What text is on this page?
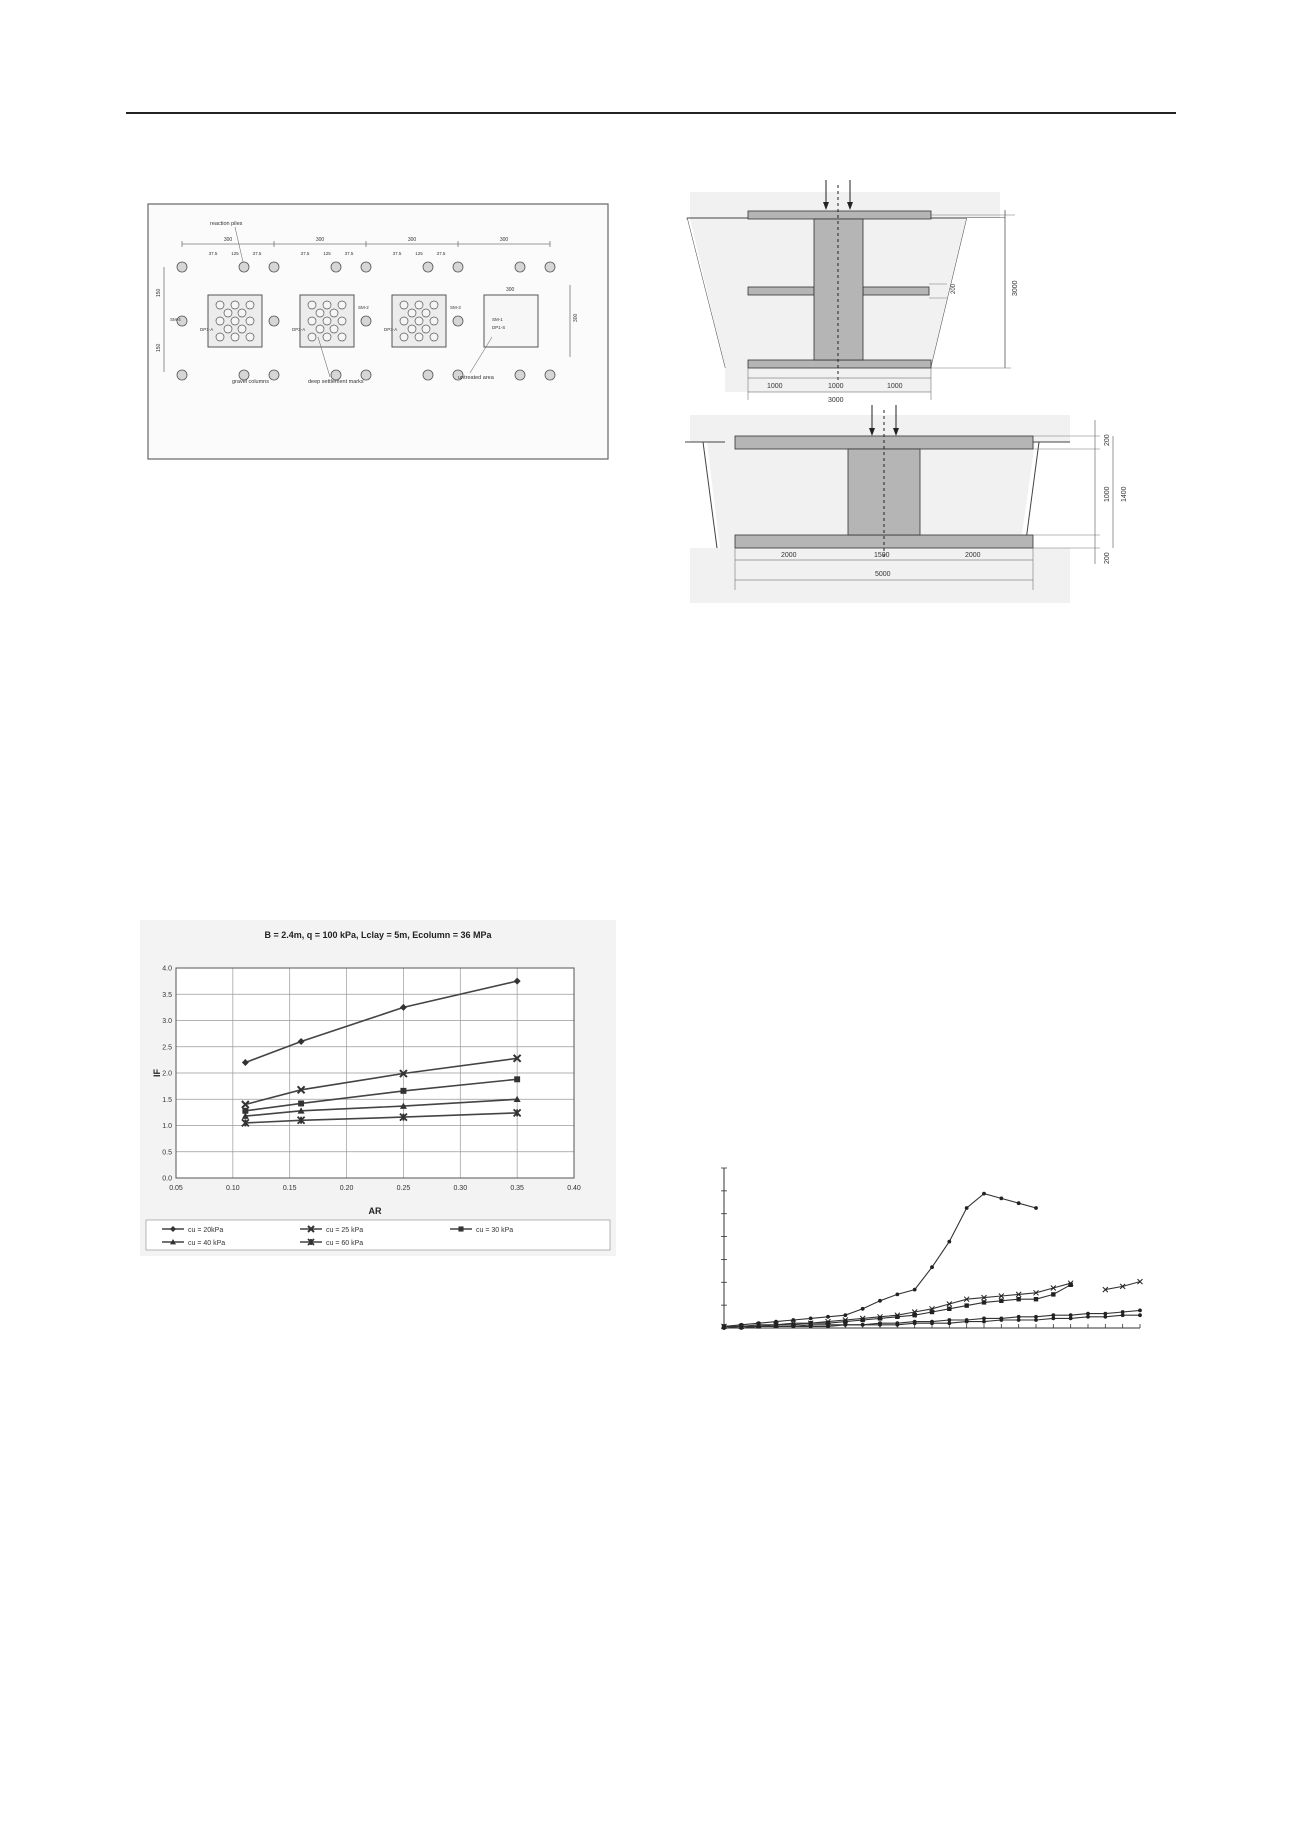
300	300	300	300
37.5	125	37.5	37.5	125	37.5	37.5	125	37.5
150
150
300
300
reaction piles
gravel columns	deep settlement marks
untreated area
SM-4
SM-3
SM-2
SM-1
DP1-S
DP1-A	DP2-A	DP3-A
3000
200
1000	1000	1000
3000
200
1000
200
1400
2000	1500	2000
5000
B = 2.4m, q = 100 kPa, Lclay = 5m, Ecolumn = 36 MPa
0.05	0.10	0.15	0.20	0.25	0.30	0.35	0.40
0.0
0.5
1.0
1.5
2.0
2.5
3.0
3.5
4.0
AR
IF
cu = 20kPa	cu = 25 kPa	cu = 30 kPa
cu = 40 kPa	cu = 60 kPa
